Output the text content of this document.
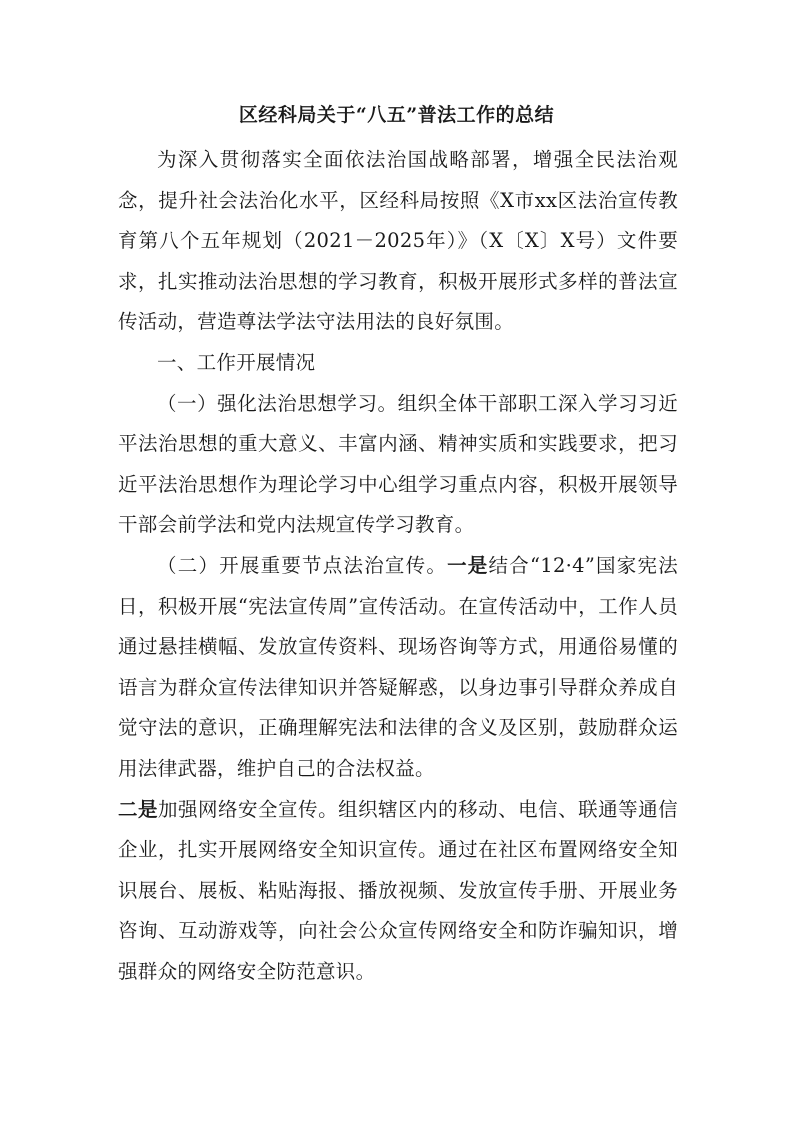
区经科局关于“八五”普法工作的总结

为深入贯彻落实全面依法治国战略部署，增强全民法治观念，提升社会法治化水平，区经科局按照《X市xx区法治宣传教育第八个五年规划（2021－2025年）》（X〔X〕X号）文件要求，扎实推动法治思想的学习教育，积极开展形式多样的普法宣传活动，营造尊法学法守法用法的良好氛围。

一、工作开展情况

（一）强化法治思想学习。组织全体干部职工深入学习习近平法治思想的重大意义、丰富内涵、精神实质和实践要求，把习近平法治思想作为理论学习中心组学习重点内容，积极开展领导干部会前学法和党内法规宣传学习教育。

（二）开展重要节点法治宣传。一是结合“12·4”国家宪法日，积极开展“宪法宣传周”宣传活动。在宣传活动中，工作人员通过悬挂横幅、发放宣传资料、现场咨询等方式，用通俗易懂的语言为群众宣传法律知识并答疑解惑，以身边事引导群众养成自觉守法的意识，正确理解宪法和法律的含义及区别，鼓励群众运用法律武器，维护自己的合法权益。

二是加强网络安全宣传。组织辖区内的移动、电信、联通等通信企业，扎实开展网络安全知识宣传。通过在社区布置网络安全知识展台、展板、粘贴海报、播放视频、发放宣传手册、开展业务咨询、互动游戏等，向社会公众宣传网络安全和防诈骗知识，增强群众的网络安全防范意识。
